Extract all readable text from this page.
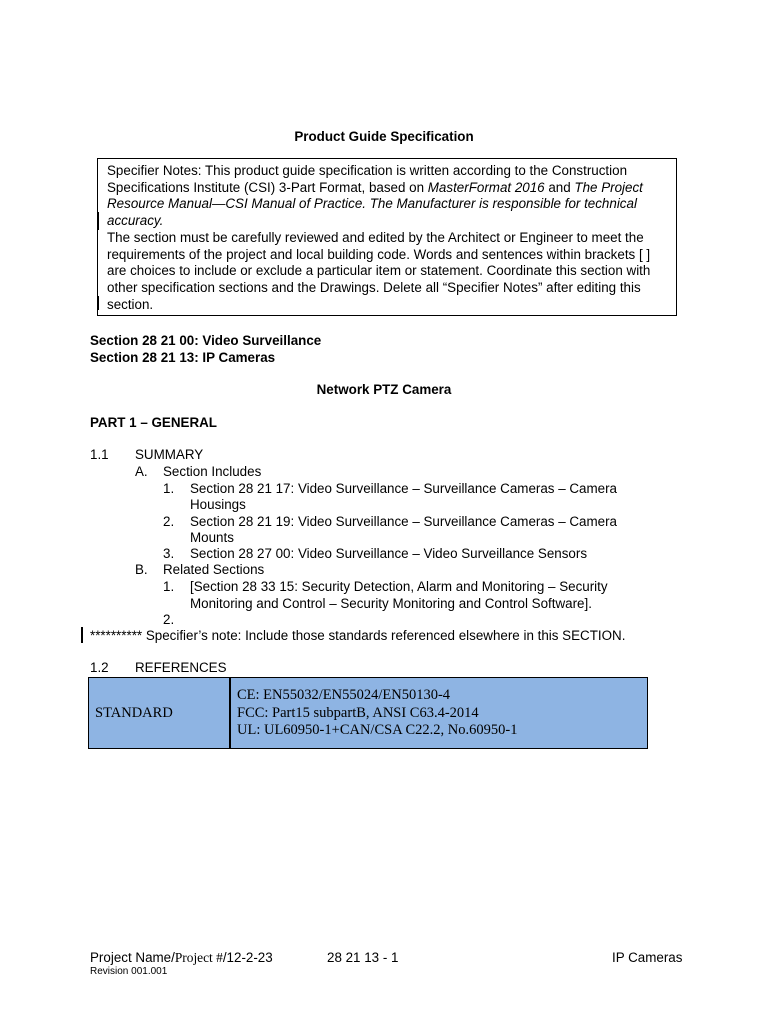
Product Guide Specification

Specifier Notes: This product guide specification is written according to the Construction Specifications Institute (CSI) 3-Part Format, based on MasterFormat 2016 and The Project Resource Manual—CSI Manual of Practice. The Manufacturer is responsible for technical accuracy.

The section must be carefully reviewed and edited by the Architect or Engineer to meet the requirements of the project and local building code. Words and sentences within brackets [ ] are choices to include or exclude a particular item or statement. Coordinate this section with other specification sections and the Drawings. Delete all “Specifier Notes” after editing this section.

Section 28 21 00: Video Surveillance
Section 28 21 13: IP Cameras
Network PTZ Camera
PART 1 – GENERAL
1.1 SUMMARY
A. Section Includes
1. Section 28 21 17: Video Surveillance – Surveillance Cameras – Camera
Housings
2. Section 28 21 19: Video Surveillance – Surveillance Cameras – Camera
Mounts
3. Section 28 27 00: Video Surveillance – Video Surveillance Sensors
B. Related Sections
1. [Section 28 33 15: Security Detection, Alarm and Monitoring – Security
Monitoring and Control – Security Monitoring and Control Software].
2.
********** Specifier’s note: Include those standards referenced elsewhere in this SECTION.
1.2 REFERENCES
STANDARD	
CE: EN55032/EN55024/EN50130-4
FCC: Part15 subpartB, ANSI C63.4-2014
UL: UL60950-1+CAN/CSA C22.2, No.60950-1
Project Name/Project #/12-2-23	28 21 13 - 1	IP Cameras
Revision 001.001
